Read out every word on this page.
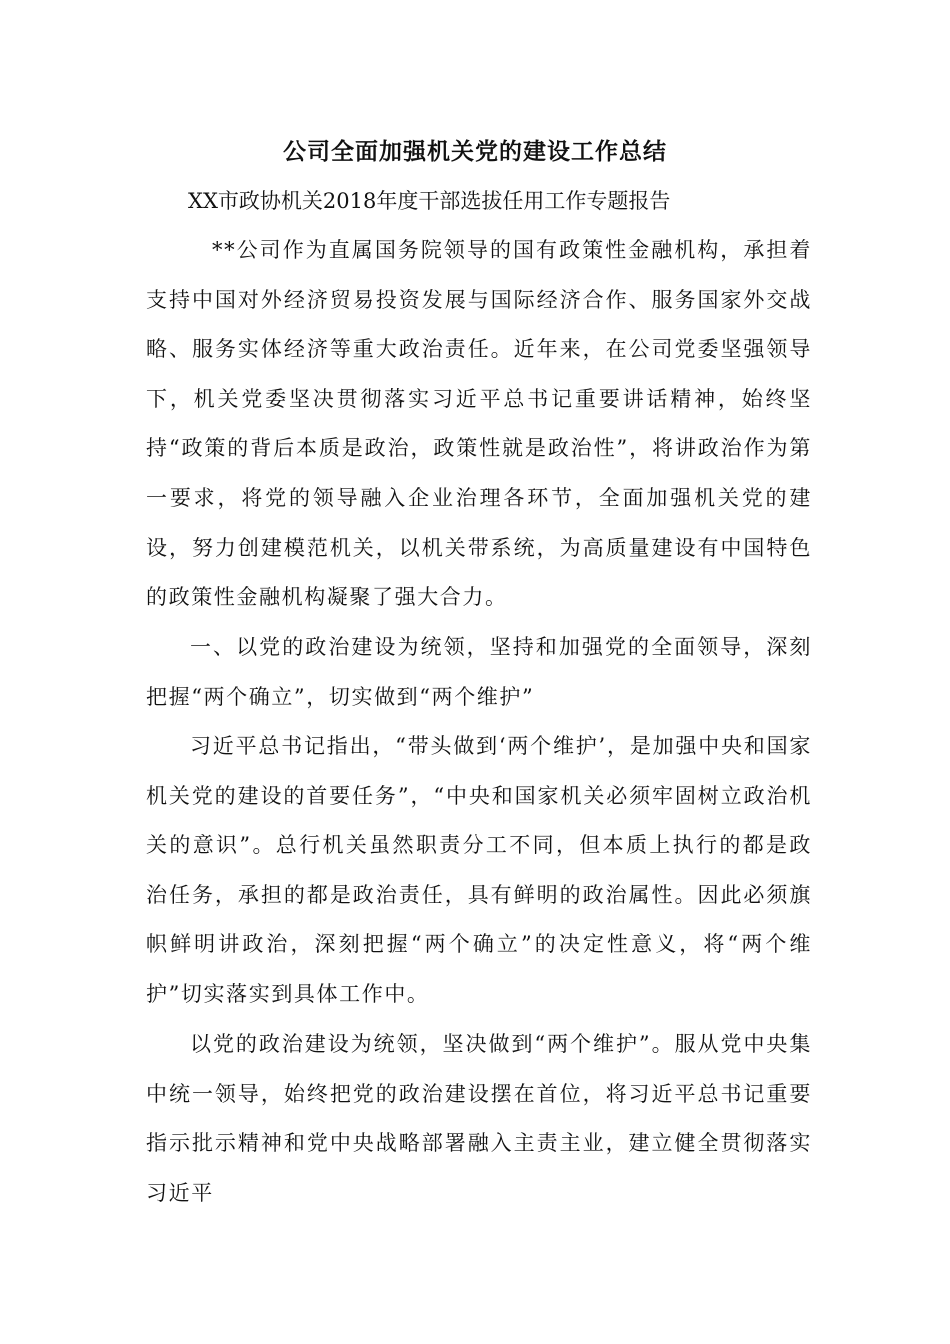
公司全面加强机关党的建设工作总结

XX市政协机关2018年度干部选拔任用工作专题报告

**公司作为直属国务院领导的国有政策性金融机构，承担着支持中国对外经济贸易投资发展与国际经济合作、服务国家外交战略、服务实体经济等重大政治责任。近年来，在公司党委坚强领导下，机关党委坚决贯彻落实习近平总书记重要讲话精神，始终坚持“政策的背后本质是政治，政策性就是政治性”，将讲政治作为第一要求，将党的领导融入企业治理各环节，全面加强机关党的建设，努力创建模范机关，以机关带系统，为高质量建设有中国特色的政策性金融机构凝聚了强大合力。

一、以党的政治建设为统领，坚持和加强党的全面领导，深刻把握“两个确立”，切实做到“两个维护”

习近平总书记指出，“带头做到‘两个维护’，是加强中央和国家机关党的建设的首要任务”，“中央和国家机关必须牢固树立政治机关的意识”。总行机关虽然职责分工不同，但本质上执行的都是政治任务，承担的都是政治责任，具有鲜明的政治属性。因此必须旗帜鲜明讲政治，深刻把握“两个确立”的决定性意义，将“两个维护”切实落实到具体工作中。

以党的政治建设为统领，坚决做到“两个维护”。服从党中央集中统一领导，始终把党的政治建设摆在首位，将习近平总书记重要指示批示精神和党中央战略部署融入主责主业，建立健全贯彻落实习近平
